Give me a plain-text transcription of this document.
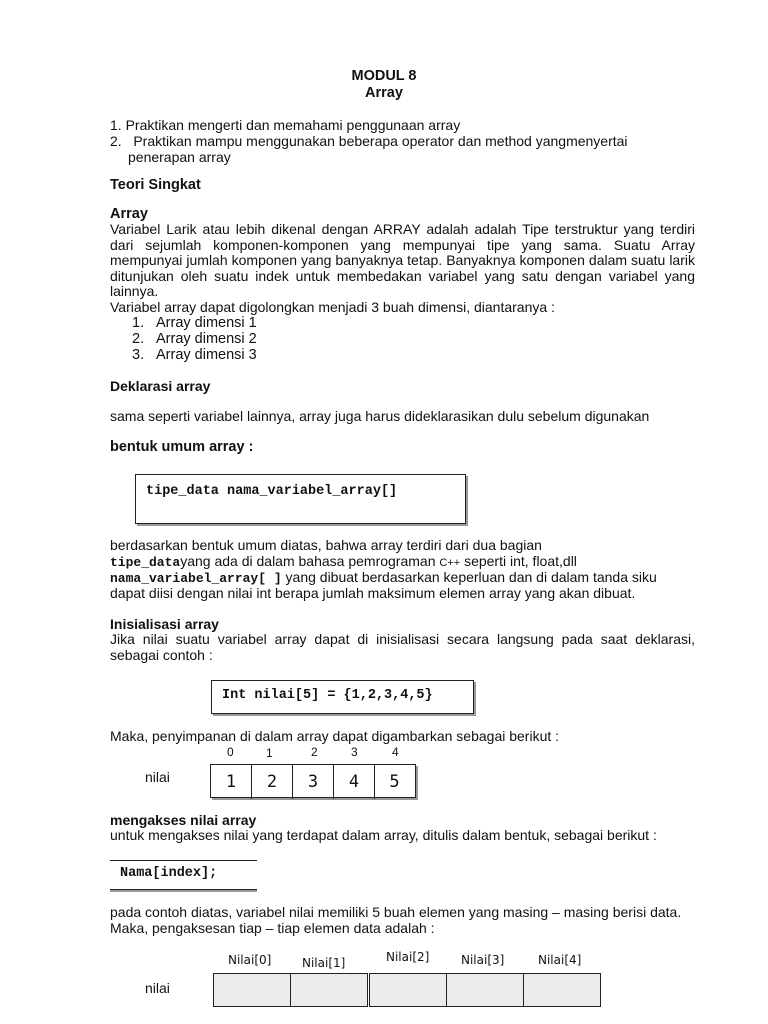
MODUL 8
Array
1. Praktikan mengerti dan memahami penggunaan array
2.   Praktikan mampu menggunakan beberapa operator dan method yangmenyertai
penerapan array
Teori Singkat
Array
Variabel Larik atau lebih dikenal dengan ARRAY adalah adalah Tipe terstruktur yang terdiri dari sejumlah komponen-komponen yang mempunyai tipe yang sama. Suatu Array mempunyai jumlah komponen yang banyaknya tetap. Banyaknya komponen dalam suatu larik ditunjukan oleh suatu indek untuk membedakan variabel yang satu dengan variabel yang lainnya.
Variabel array dapat digolongkan menjadi 3 buah dimensi, diantaranya :
1. Array dimensi 1
2. Array dimensi 2
3. Array dimensi 3
Deklarasi array
sama seperti variabel lainnya, array juga harus dideklarasikan dulu sebelum digunakan
bentuk umum array :
tipe_data nama_variabel_array[]
berdasarkan bentuk umum diatas, bahwa array terdiri dari dua bagian
tipe_datayang ada di dalam bahasa pemrograman C++ seperti int, float,dll
nama_variabel_array[ ] yang dibuat berdasarkan keperluan dan di dalam tanda siku
dapat diisi dengan nilai int berapa jumlah maksimum elemen array yang akan dibuat.
Inisialisasi array
Jika nilai suatu variabel array dapat di inisialisasi secara langsung pada saat deklarasi, sebagai contoh :
Int nilai[5] = {1,2,3,4,5}
Maka, penyimpanan di dalam array dapat digambarkan sebagai berikut :
0	1	2	3	4
nilai	1	2	3	4	5
mengakses nilai array
untuk mengakses nilai yang terdapat dalam array, ditulis dalam bentuk, sebagai berikut :
Nama[index];
pada contoh diatas, variabel nilai memiliki 5 buah elemen yang masing – masing berisi data.
Maka, pengaksesan tiap – tiap elemen data adalah :
Nilai[0]	Nilai[1]	Nilai[2]	Nilai[3]	Nilai[4]
nilai
